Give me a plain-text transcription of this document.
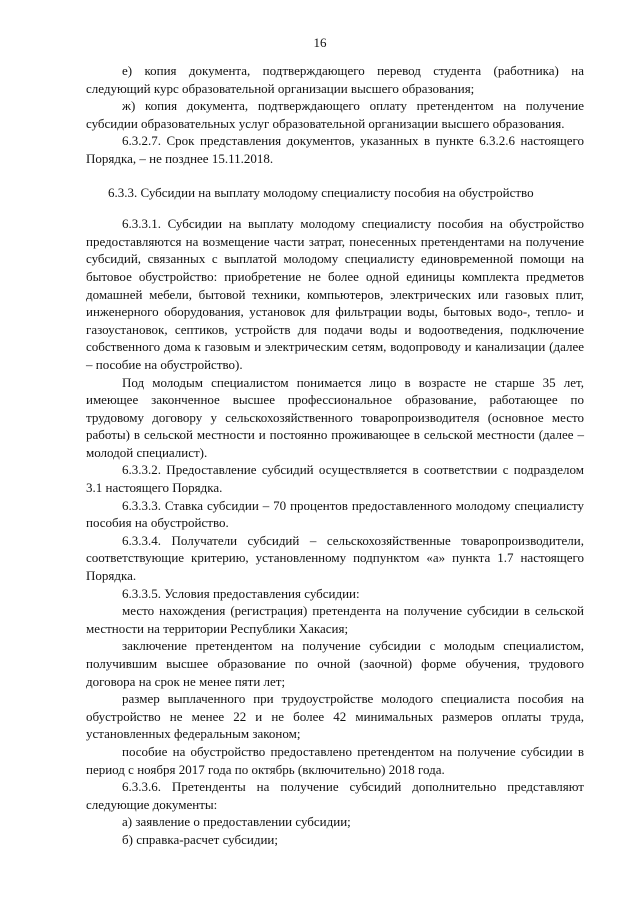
16

е) копия документа, подтверждающего перевод студента (работника) на следующий курс образовательной организации высшего образования;

ж) копия документа, подтверждающего оплату претендентом на получение субсидии образовательных услуг образовательной организации высшего образования.

6.3.2.7. Срок представления документов, указанных в пункте 6.3.2.6 настоящего Порядка, – не позднее 15.11.2018.

6.3.3. Субсидии на выплату молодому специалисту пособия на обустройство

6.3.3.1. Субсидии на выплату молодому специалисту пособия на обустройство предоставляются на возмещение части затрат, понесенных претендентами на получение субсидий, связанных с выплатой молодому специалисту единовременной помощи на бытовое обустройство: приобретение не более одной единицы комплекта предметов домашней мебели, бытовой техники, компьютеров, электрических или газовых плит, инженерного оборудования, установок для фильтрации воды, бытовых водо-, тепло- и газоустановок, септиков, устройств для подачи воды и водоотведения, подключение собственного дома к газовым и электрическим сетям, водопроводу и канализации (далее – пособие на обустройство).

Под молодым специалистом понимается лицо в возрасте не старше 35 лет, имеющее законченное высшее профессиональное образование, работающее по трудовому договору у сельскохозяйственного товаропроизводителя (основное место работы) в сельской местности и постоянно проживающее в сельской местности (далее – молодой специалист).

6.3.3.2. Предоставление субсидий осуществляется в соответствии с подразделом 3.1 настоящего Порядка.

6.3.3.3. Ставка субсидии – 70 процентов предоставленного молодому специалисту пособия на обустройство.

6.3.3.4. Получатели субсидий – сельскохозяйственные товаропроизводители, соответствующие критерию, установленному подпунктом «а» пункта 1.7 настоящего Порядка.

6.3.3.5. Условия предоставления субсидии:

место нахождения (регистрация) претендента на получение субсидии в сельской местности на территории Республики Хакасия;

заключение претендентом на получение субсидии с молодым специалистом, получившим высшее образование по очной (заочной) форме обучения, трудового договора на срок не менее пяти лет;

размер выплаченного при трудоустройстве молодого специалиста пособия на обустройство не менее 22 и не более 42 минимальных размеров оплаты труда, установленных федеральным законом;

пособие на обустройство предоставлено претендентом на получение субсидии в период с ноября 2017 года по октябрь (включительно) 2018 года.

6.3.3.6. Претенденты на получение субсидий дополнительно представляют следующие документы:

а) заявление о предоставлении субсидии;

б) справка-расчет субсидии;
